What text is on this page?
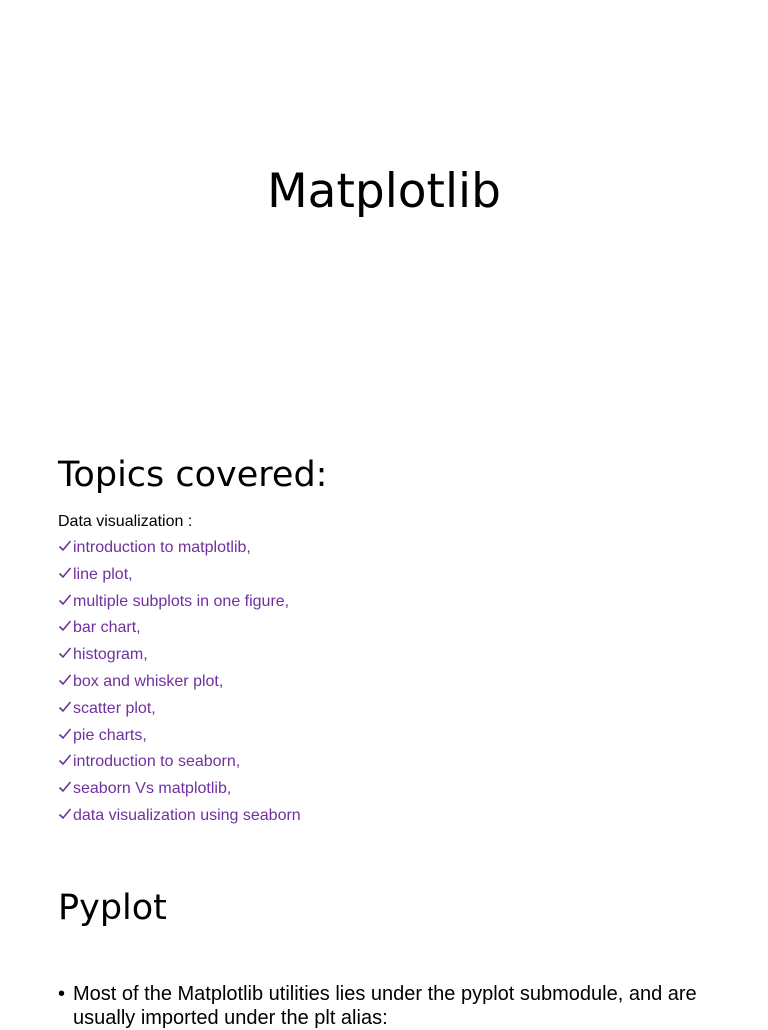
Matplotlib
Topics covered:
Data visualization :
introduction to matplotlib,
line plot,
multiple subplots in one figure,
bar chart,
histogram,
box and whisker plot,
scatter plot,
pie charts,
introduction to seaborn,
seaborn Vs matplotlib,
data visualization using seaborn
Pyplot
• Most of the Matplotlib utilities lies under the pyplot submodule, and are usually imported under the plt alias:
